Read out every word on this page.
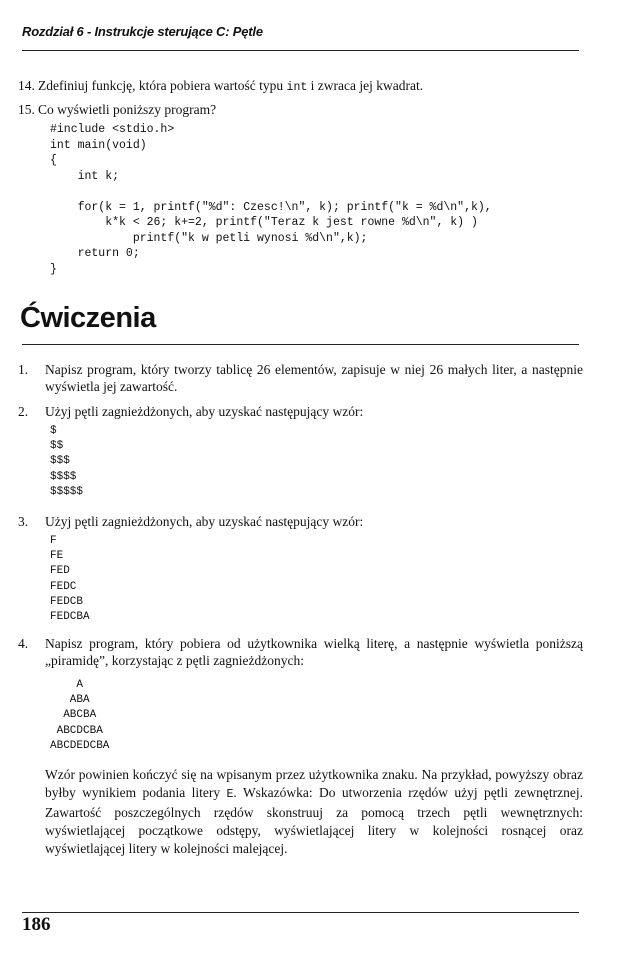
Rozdział 6 - Instrukcje sterujące C: Pętle
14. Zdefiniuj funkcję, która pobiera wartość typu int i zwraca jej kwadrat.
15. Co wyświetli poniższy program?
#include <stdio.h>
int main(void)
{
int k;

for(k = 1, printf("%d": Czesc!\n", k); printf("k = %d\n",k),
k*k < 26; k+=2, printf("Teraz k jest rowne %d\n", k) )
printf("k w petli wynosi %d\n",k);
return 0;
}
Ćwiczenia
1. Napisz program, który tworzy tablicę 26 elementów, zapisuje w niej 26 małych liter, a następnie wyświetla jej zawartość.
2. Użyj pętli zagnieżdżonych, aby uzyskać następujący wzór:
$
$$
$$$
$$$$
$$$$$
3. Użyj pętli zagnieżdżonych, aby uzyskać następujący wzór:
F
FE
FED
FEDC
FEDCB
FEDCBA
4. Napisz program, który pobiera od użytkownika wielką literę, a następnie wyświetla poniższą „piramidę”, korzystając z pętli zagnieżdżonych:
A
ABA
ABCBA
ABCDCBA
ABCDEDCBA
Wzór powinien kończyć się na wpisanym przez użytkownika znaku. Na przykład, powyższy obraz byłby wynikiem podania litery E. Wskazówka: Do utworzenia rzędów użyj pętli zewnętrznej. Zawartość poszczególnych rzędów skonstruuj za pomocą trzech pętli wewnętrznych: wyświetlającej początkowe odstępy, wyświetlającej litery w kolejności rosnącej oraz wyświetlającej litery w kolejności malejącej.
186
